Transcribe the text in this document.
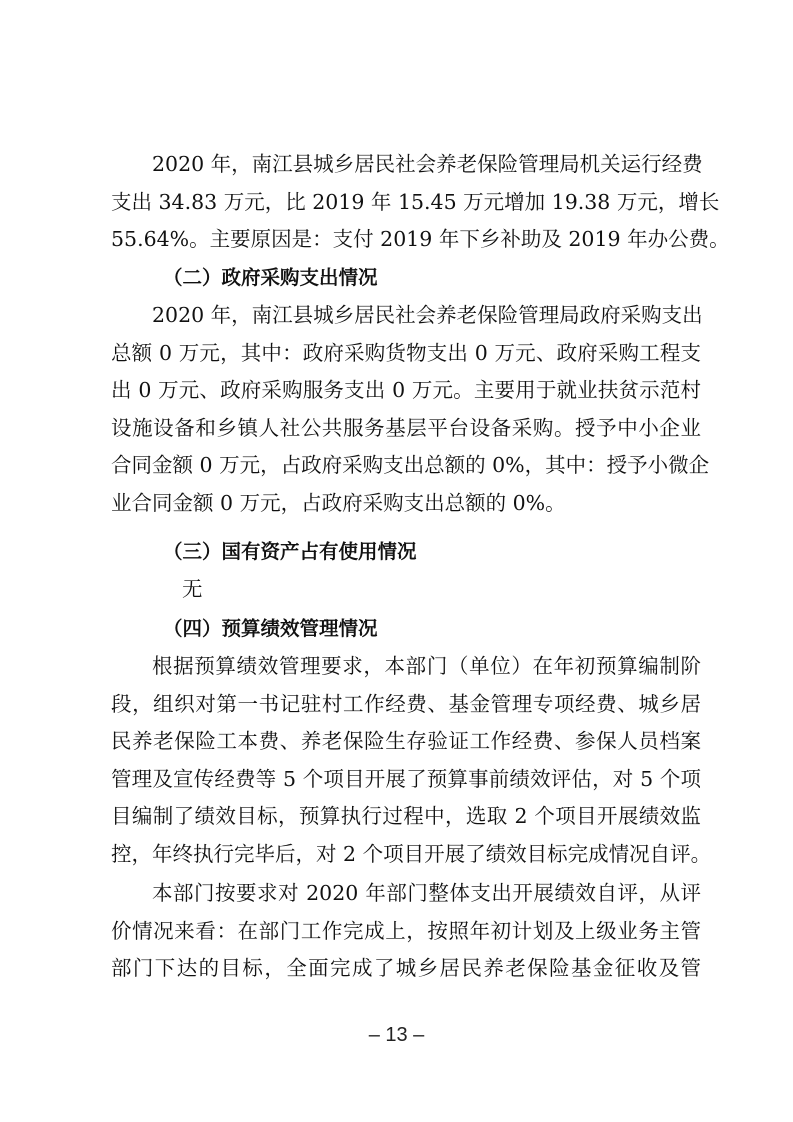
2020 年，南江县城乡居民社会养老保险管理局机关运行经费
支出 34.83 万元，比 2019 年 15.45 万元增加 19.38 万元，增长
55.64%。主要原因是：支付 2019 年下乡补助及 2019 年办公费。
（二）政府采购支出情况
2020 年，南江县城乡居民社会养老保险管理局政府采购支出
总额 0 万元，其中：政府采购货物支出 0 万元、政府采购工程支
出 0 万元、政府采购服务支出 0 万元。主要用于就业扶贫示范村
设施设备和乡镇人社公共服务基层平台设备采购。授予中小企业
合同金额 0 万元，占政府采购支出总额的 0%，其中：授予小微企
业合同金额 0 万元，占政府采购支出总额的 0%。
（三）国有资产占有使用情况
无
（四）预算绩效管理情况
根据预算绩效管理要求，本部门（单位）在年初预算编制阶
段，组织对第一书记驻村工作经费、基金管理专项经费、城乡居
民养老保险工本费、养老保险生存验证工作经费、参保人员档案
管理及宣传经费等 5 个项目开展了预算事前绩效评估，对 5 个项
目编制了绩效目标，预算执行过程中，选取 2 个项目开展绩效监
控，年终执行完毕后，对 2 个项目开展了绩效目标完成情况自评。
本部门按要求对 2020 年部门整体支出开展绩效自评，从评
价情况来看：在部门工作完成上，按照年初计划及上级业务主管
部门下达的目标，全面完成了城乡居民养老保险基金征收及管
– 13 –
